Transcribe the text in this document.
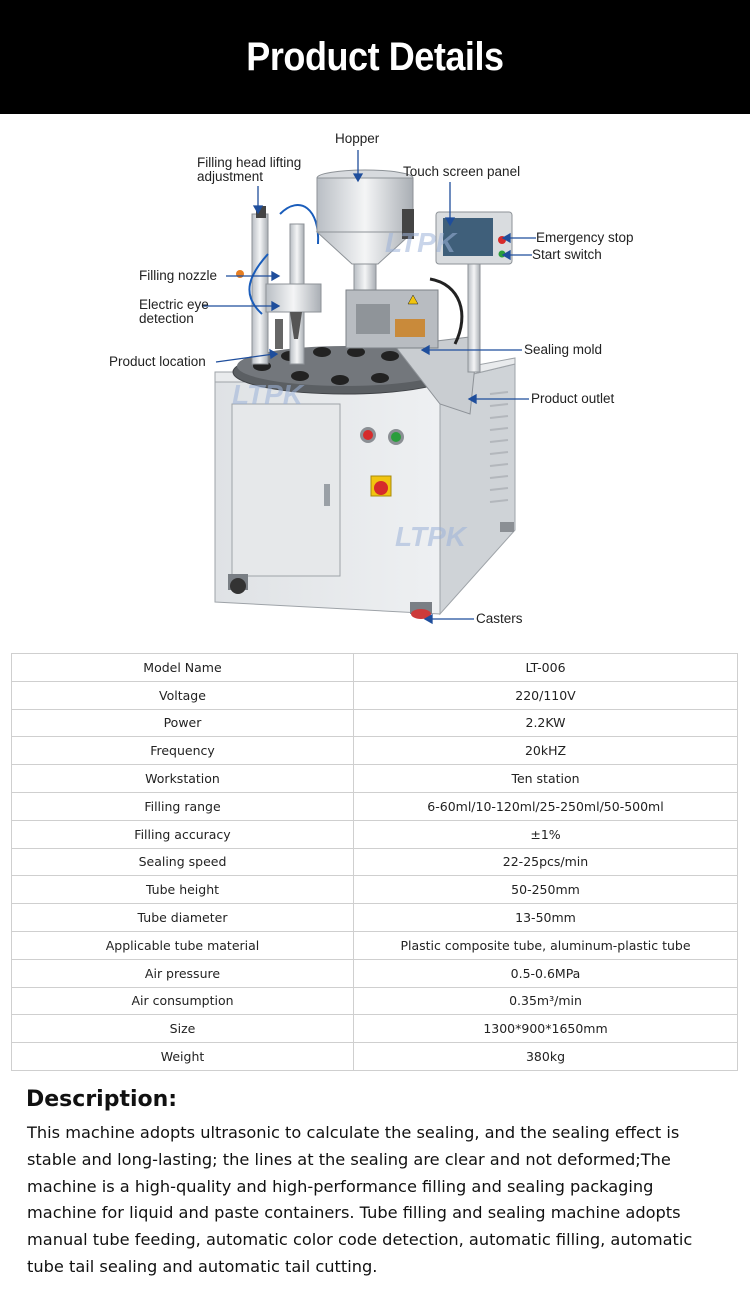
Product Details
LTPK
LTPK
LTPK
Hopper
Filling head lifting
adjustment	Touch screen panel
Emergency stop
Start switch
Filling nozzle
Electric eye
detection
Product location
Sealing mold
Product outlet
Casters
Model Name	LT-006
Voltage	220/110V
Power	2.2KW
Frequency	20kHZ
Workstation	Ten station
Filling range	6-60ml/10-120ml/25-250ml/50-500ml
Filling accuracy	±1%
Sealing speed	22-25pcs/min
Tube height	50-250mm
Tube diameter	13-50mm
Applicable tube material	Plastic composite tube, aluminum-plastic tube
Air pressure	0.5-0.6MPa
Air consumption	0.35m³/min
Size	1300*900*1650mm
Weight	380kg
Description:
This machine adopts ultrasonic to calculate the sealing, and the sealing effect is stable and long-lasting; the lines at the sealing are clear and not deformed;The machine is a high-quality and high-performance filling and sealing packaging machine for liquid and paste containers. Tube filling and sealing machine adopts manual tube feeding, automatic color code detection, automatic filling, automatic tube tail sealing and automatic tail cutting.
